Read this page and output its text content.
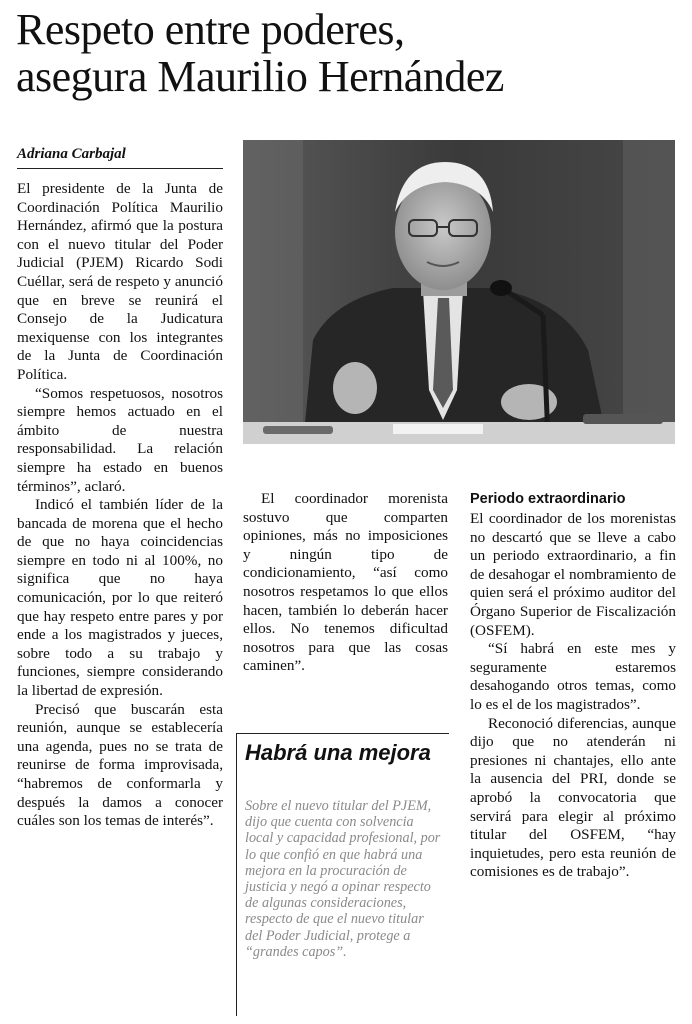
Respeto entre poderes,
asegura Maurilio Hernández
Adriana Carbajal

El presidente de la Junta de Coordinación Política Maurilio Hernández, afirmó que la postura con el nuevo titular del Poder Judicial (PJEM) Ricardo Sodi Cuéllar, será de respeto y anunció que en breve se reunirá el Consejo de la Judicatura mexiquense con los integrantes de la Junta de Coordinación Política.

“Somos respetuosos, nosotros siempre hemos actuado en el ámbito de nuestra responsabilidad. La relación siempre ha estado en buenos términos”, aclaró.

Indicó el también líder de la bancada de morena que el hecho de que no haya coincidencias siempre en todo ni al 100%, no significa que no haya comunicación, por lo que reiteró que hay respeto entre pares y por ende a los magistrados y jueces, sobre todo a su trabajo y funciones, siempre considerando la libertad de expresión.

Precisó que buscarán esta reunión, aunque se establecería una agenda, pues no se trata de reunirse de forma improvisada, “habremos de conformarla y después la damos a conocer cuáles son los temas de interés”.

El coordinador morenista sostuvo que comparten opiniones, más no imposiciones y ningún tipo de condicionamiento, “así como nosotros respetamos lo que ellos hacen, también lo deberán hacer ellos. No tenemos dificultad nosotros para que las cosas caminen”.

Periodo extraordinario

El coordinador de los morenistas no descartó que se lleve a cabo un periodo extraordinario, a fin de desahogar el nombramiento de quien será el próximo auditor del Órgano Superior de Fiscalización (OSFEM).

“Sí habrá en este mes y seguramente estaremos desahogando otros temas, como lo es el de los magistrados”.

Reconoció diferencias, aunque dijo que no atenderán ni presiones ni chantajes, ello ante la ausencia del PRI, donde se aprobó la convocatoria que servirá para elegir al próximo titular del OSFEM, “hay inquietudes, pero esta reunión de comisiones es de trabajo”.

Habrá una mejora
Sobre el nuevo titular del PJEM, dijo que cuenta con solvencia local y capacidad profesional, por lo que confió en que habrá una mejora en la procuración de justicia y negó a opinar respecto de algunas consideraciones, respecto de que el nuevo titular del Poder Judicial, protege a “grandes capos”.
